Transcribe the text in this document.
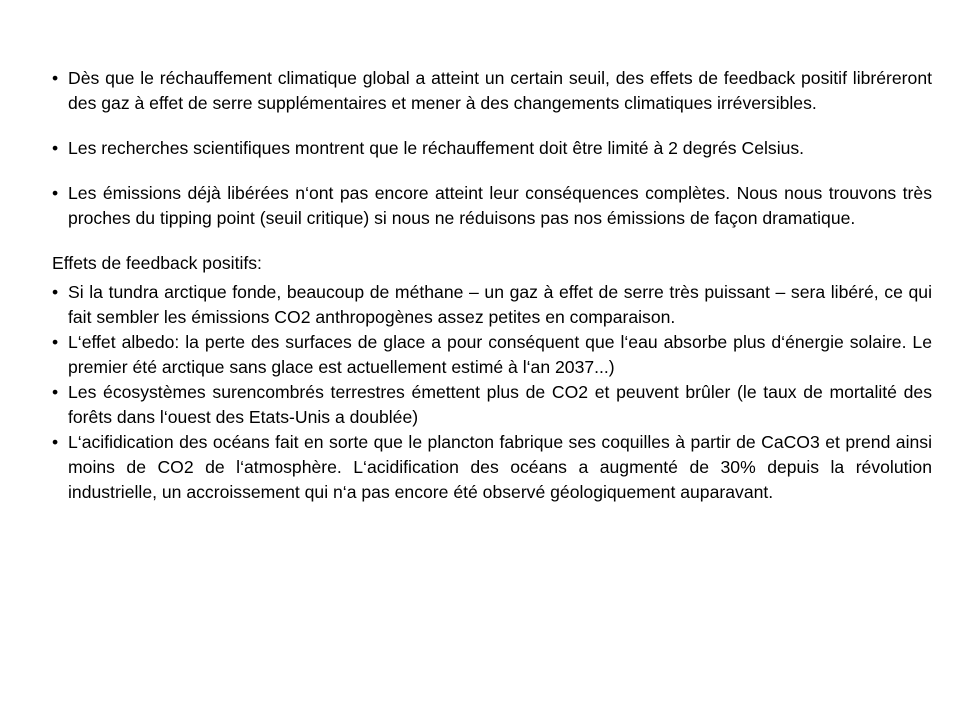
• Dès que le réchauffement climatique global a atteint un certain seuil, des effets de feedback positif libréreront des gaz à effet de serre supplémentaires et mener à des changements climatiques irréversibles.
• Les recherches scientifiques montrent que le réchauffement doit être limité à 2 degrés Celsius.
• Les émissions déjà libérées n‘ont pas encore atteint leur conséquences complètes. Nous nous trouvons très proches du tipping point (seuil critique) si nous ne réduisons pas nos émissions de façon dramatique.
Effets de feedback positifs:
• Si la tundra arctique fonde, beaucoup de méthane – un gaz à effet de serre très puissant – sera libéré, ce qui fait sembler les émissions CO2 anthropogènes assez petites en comparaison.
• L‘effet albedo: la perte des surfaces de glace a pour conséquent que l‘eau absorbe plus d‘énergie solaire. Le premier été arctique sans glace est actuellement estimé à l‘an 2037...)
• Les écosystèmes surencombrés terrestres émettent plus de CO2 et peuvent brûler (le taux de mortalité des forêts dans l‘ouest des Etats-Unis a doublée)
• L‘acifidication des océans fait en sorte que le plancton fabrique ses coquilles à partir de CaCO3 et prend ainsi moins de CO2 de l‘atmosphère. L‘acidification des océans a augmenté de 30% depuis la révolution industrielle, un accroissement qui n‘a pas encore été observé géologiquement auparavant.
